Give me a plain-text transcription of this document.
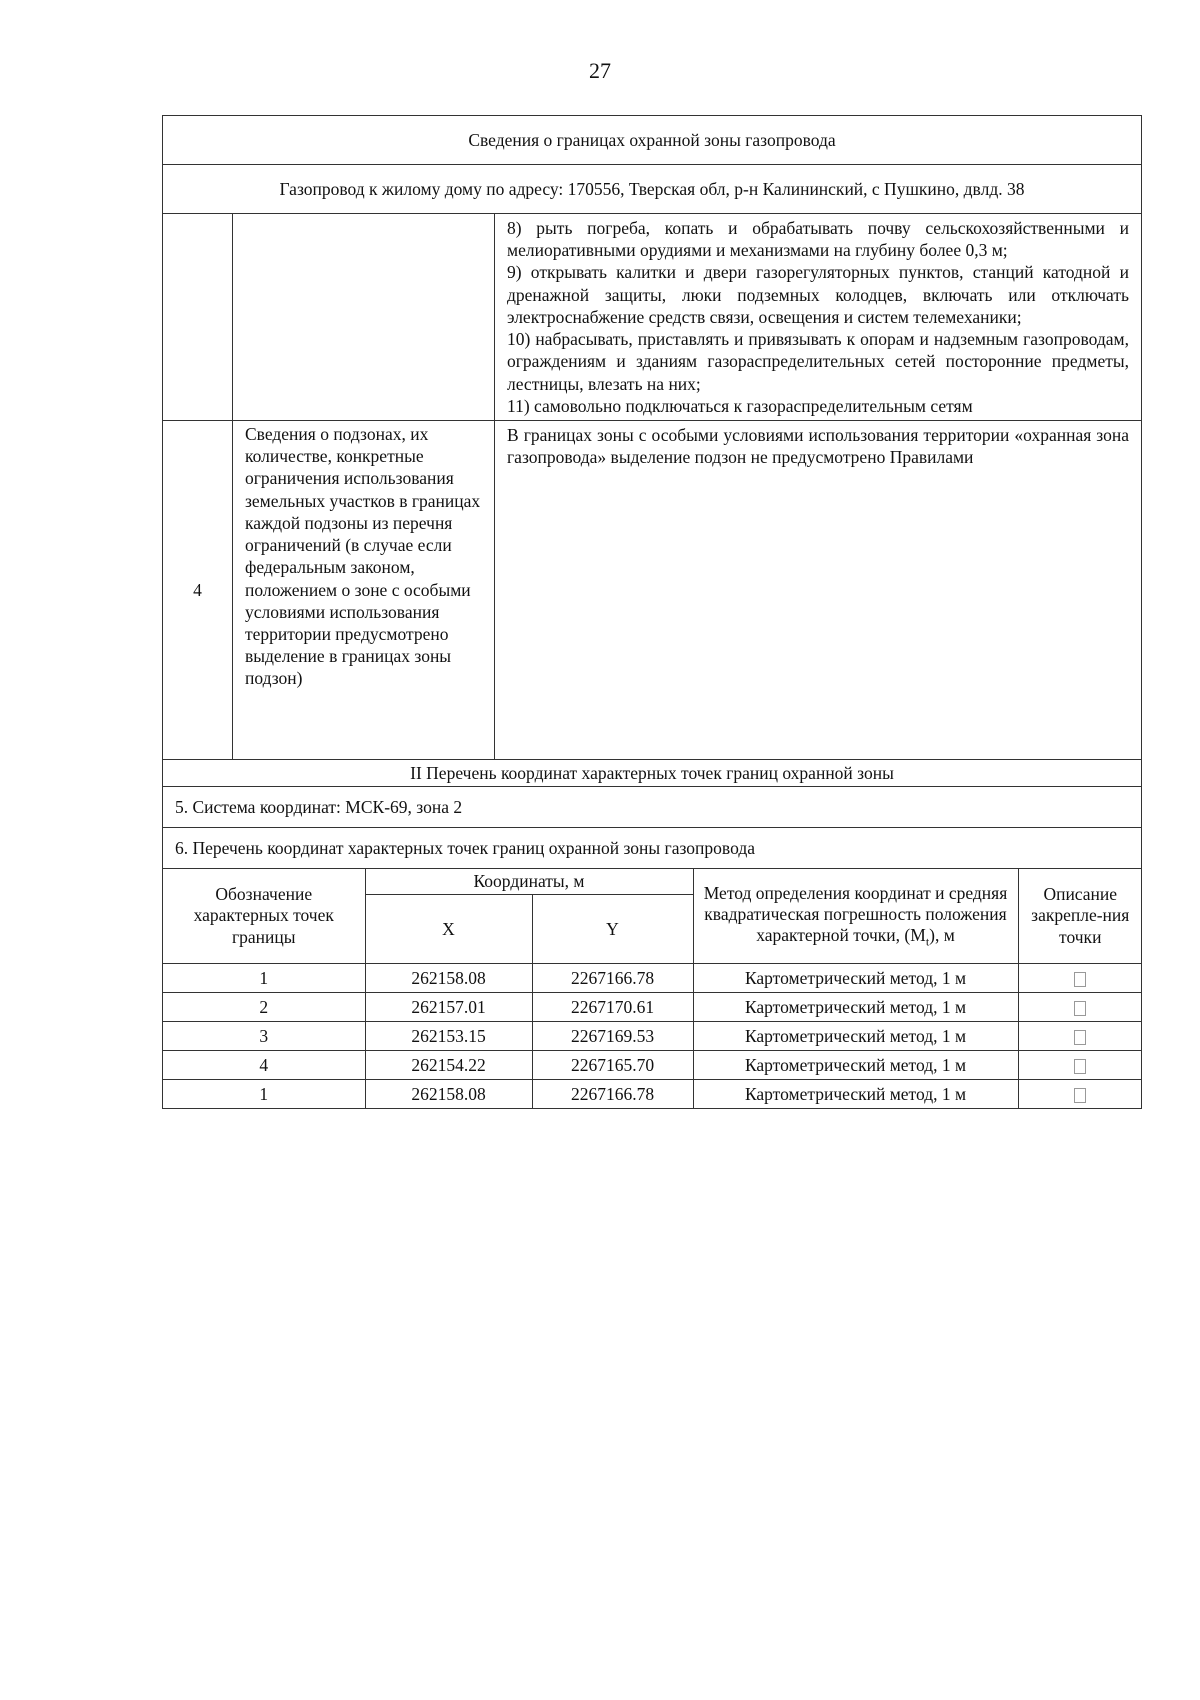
27
Сведения о границах охранной зоны газопровода
Газопровод к жилому дому по адресу: 170556, Тверская обл, р-н Калининский, с Пушкино, двлд. 38

8) рыть погреба, копать и обрабатывать почву сельскохозяйственными и мелиоративными орудиями и механизмами на глубину более 0,3 м;

9) открывать калитки и двери газорегуляторных пунктов, станций катодной и дренажной защиты, люки подземных колодцев, включать или отключать электроснабжение средств связи, освещения и систем телемеханики;

10) набрасывать, приставлять и привязывать к опорам и надземным газопроводам, ограждениям и зданиям газораспределительных сетей посторонние предметы, лестницы, влезать на них;

11) самовольно подключаться к газораспределительным сетям

4	Сведения о подзонах, их количестве, конкретные ограничения использования земельных участков в границах каждой подзоны из перечня ограничений (в случае если федеральным законом, положением о зоне с особыми условиями использования территории предусмотрено выделение в границах зоны подзон)	В границах зоны с особыми условиями использования территории «охранная зона газопровода» выделение подзон не предусмотрено Правилами
II Перечень координат характерных точек границ охранной зоны
5. Система координат: МСК-69, зона 2
6. Перечень координат характерных точек границ охранной зоны газопровода

Обозначение характерных точек границы	Координаты, м	Метод определения координат и средняя квадратическая погрешность положения характерной точки, $(M_t)$, м	Описание закрепле-ния точки
X	Y
1	262158.08	2267166.78	Картометрический метод, 1 м	
2	262157.01	2267170.61	Картометрический метод, 1 м	
3	262153.15	2267169.53	Картометрический метод, 1 м	
4	262154.22	2267165.70	Картометрический метод, 1 м	
1	262158.08	2267166.78	Картометрический метод, 1 м	
